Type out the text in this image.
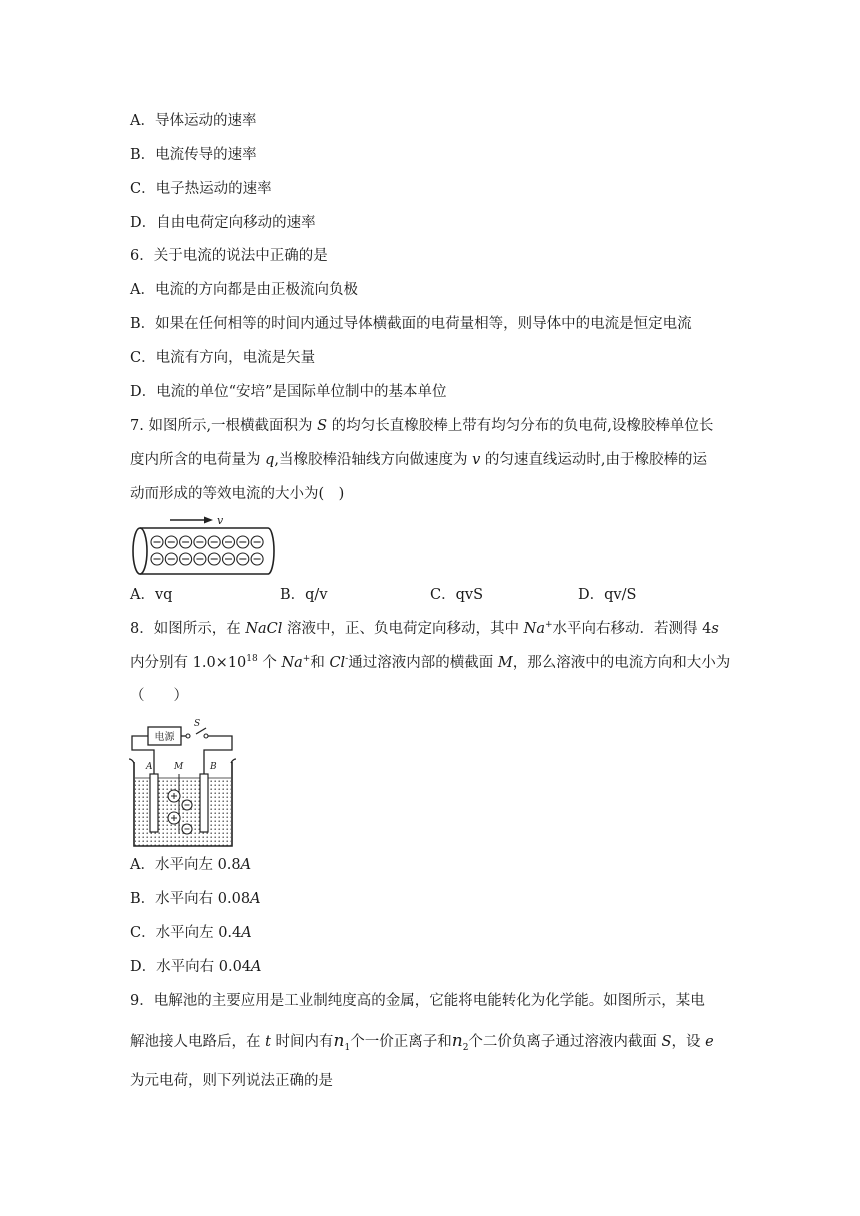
A．导体运动的速率
B．电流传导的速率
C．电子热运动的速率
D．自由电荷定向移动的速率
6．关于电流的说法中正确的是
A．电流的方向都是由正极流向负极
B．如果在任何相等的时间内通过导体横截面的电荷量相等，则导体中的电流是恒定电流
C．电流有方向，电流是矢量
D．电流的单位“安培”是国际单位制中的基本单位
7. 如图所示,一根横截面积为 S 的均匀长直橡胶棒上带有均匀分布的负电荷,设橡胶棒单位长
度内所含的电荷量为 q,当橡胶棒沿轴线方向做速度为 v 的匀速直线运动时,由于橡胶棒的运
动而形成的等效电流的大小为(　)
v
A．vq	B．q/v	C．qvS	D．qv/S
8．如图所示，在 NaCl 溶液中，正、负电荷定向移动，其中 Na+水平向右移动．若测得 4s
内分别有 $1.0\times 10^{18}$ 个 Na+和 Cl-通过溶液内部的横截面 M，那么溶液中的电流方向和大小为
（　　）
电源
S
A M	B
A．水平向左 0.8A
B．水平向右 0.08A
C．水平向左 0.4A
D．水平向右 0.04A
9．电解池的主要应用是工业制纯度高的金属，它能将电能转化为化学能。如图所示，某电
解池接人电路后，在 t 时间内有$n_1$个一价正离子和$n_2$个二价负离子通过溶液内截面 S，设 e
为元电荷，则下列说法正确的是
